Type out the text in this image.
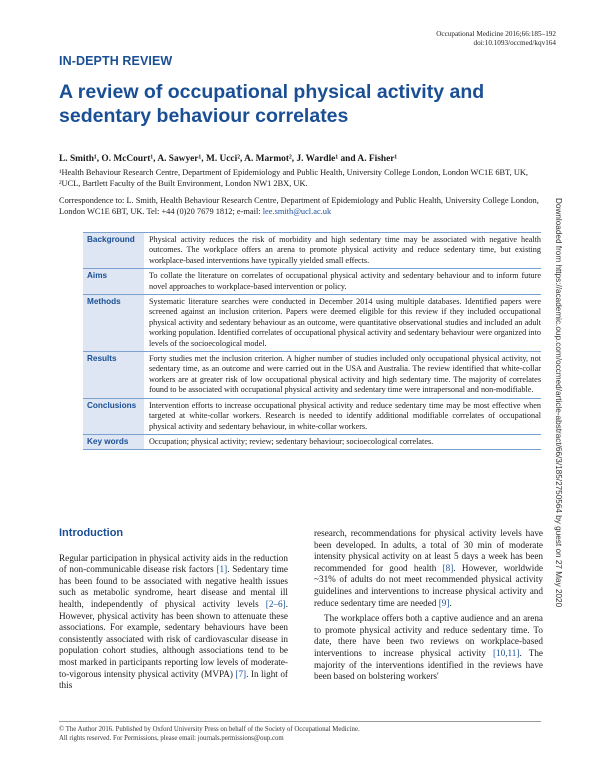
Occupational Medicine 2016;66:185–192
doi:10.1093/occmed/kqv164
IN-DEPTH REVIEW
A review of occupational physical activity and sedentary behaviour correlates
L. Smith¹, O. McCourt¹, A. Sawyer¹, M. Ucci², A. Marmot², J. Wardle¹ and A. Fisher¹
¹Health Behaviour Research Centre, Department of Epidemiology and Public Health, University College London, London WC1E 6BT, UK, ²UCL, Bartlett Faculty of the Built Environment, London NW1 2BX, UK.
Correspondence to: L. Smith, Health Behaviour Research Centre, Department of Epidemiology and Public Health, University College London, London WC1E 6BT, UK. Tel: +44 (0)20 7679 1812; e-mail: lee.smith@ucl.ac.uk	Downloaded from https://academic.oup.com/occmed/article-abstract/66/3/185/2750564 by guest on 27 May 2020
Background	Physical activity reduces the risk of morbidity and high sedentary time may be associated with negative health outcomes. The workplace offers an arena to promote physical activity and reduce sedentary time, but existing workplace-based interventions have typically yielded small effects.
Aims	To collate the literature on correlates of occupational physical activity and sedentary behaviour and to inform future novel approaches to workplace-based intervention or policy.
Methods	Systematic literature searches were conducted in December 2014 using multiple databases. Identified papers were screened against an inclusion criterion. Papers were deemed eligible for this review if they included occupational physical activity and sedentary behaviour as an outcome, were quantitative observational studies and included an adult working population. Identified correlates of occupational physical activity and sedentary behaviour were organized into levels of the socioecological model.
Results	Forty studies met the inclusion criterion. A higher number of studies included only occupational physical activity, not sedentary time, as an outcome and were carried out in the USA and Australia. The review identified that white-collar workers are at greater risk of low occupational physical activity and high sedentary time. The majority of correlates found to be associated with occupational physical activity and sedentary time were intrapersonal and non-modifiable.
Conclusions	Intervention efforts to increase occupational physical activity and reduce sedentary time may be most effective when targeted at white-collar workers. Research is needed to identify additional modifiable correlates of occupational physical activity and sedentary behaviour, in white-collar workers.
Key words	Occupation; physical activity; review; sedentary behaviour; socioecological correlates.
Introduction

Regular participation in physical activity aids in the reduction of non-communicable disease risk factors [1]. Sedentary time has been found to be associated with negative health issues such as metabolic syndrome, heart disease and mental ill health, independently of physical activity levels [2–6]. However, physical activity has been shown to attenuate these associations. For example, sedentary behaviours have been consistently associated with risk of cardiovascular disease in population cohort studies, although associations tend to be most marked in participants reporting low levels of moderate-to-vigorous intensity physical activity (MVPA) [7]. In light of this

research, recommendations for physical activity levels have been developed. In adults, a total of 30 min of moderate intensity physical activity on at least 5 days a week has been recommended for good health [8]. However, worldwide ~31% of adults do not meet recommended physical activity guidelines and interventions to increase physical activity and reduce sedentary time are needed [9].

The workplace offers both a captive audience and an arena to promote physical activity and reduce sedentary time. To date, there have been two reviews on workplace-based interventions to increase physical activity [10,11]. The majority of the interventions identified in the reviews have been based on bolstering workers'

© The Author 2016. Published by Oxford University Press on behalf of the Society of Occupational Medicine.
All rights reserved. For Permissions, please email: journals.permissions@oup.com
